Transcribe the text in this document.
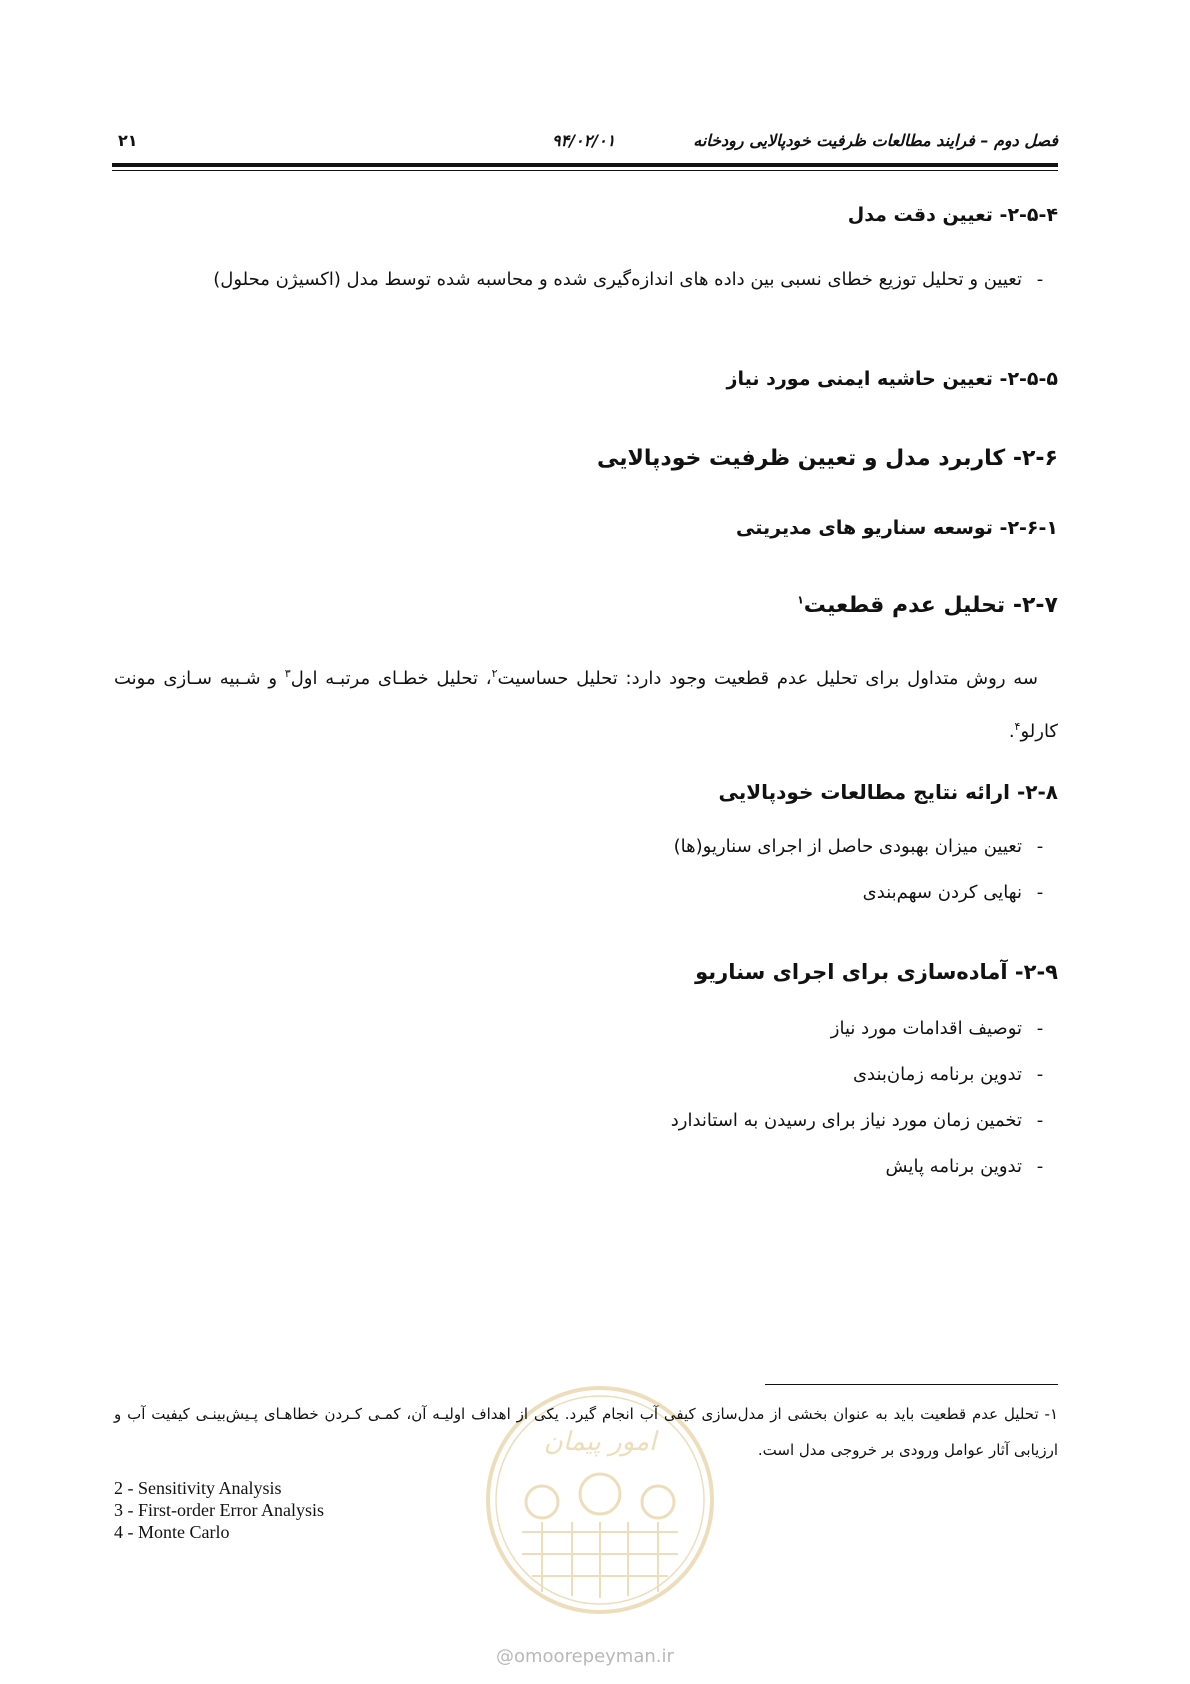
فصل دوم – فرایند مطالعات ظرفیت خودپالایی رودخانه
۹۴/۰۲/۰۱
۲۱
۲-۵-۴- تعیین دقت مدل
-تعیین و تحلیل توزیع خطای نسبی بین داده های اندازه‌گیری شده و محاسبه شده توسط مدل (اکسیژن محلول)
۲-۵-۵- تعیین حاشیه ایمنی مورد نیاز
۲-۶- کاربرد مدل و تعیین ظرفیت خودپالایی
۲-۶-۱- توسعه سناریو های مدیریتی
۲-۷- تحلیل عدم قطعیت$^۱$
سه روش متداول برای تحلیل عدم قطعیت وجود دارد: تحلیل حساسیت$^۲$، تحلیل خطـای مرتبـه اول$^۳$ و شـبیه سـازی مونت کارلو$^۴$.
۲-۸- ارائه نتایج مطالعات خودپالایی
-تعیین میزان بهبودی حاصل از اجرای سناریو(ها)
-نهایی کردن سهم‌بندی
۲-۹- آماده‌سازی برای اجرای سناریو
-توصیف اقدامات مورد نیاز
-تدوین برنامه زمان‌بندی
-تخمین زمان مورد نیاز برای رسیدن به استاندارد
-تدوین برنامه پایش
امور پیمان
۱- تحلیل عدم قطعیت باید به عنوان بخشی از مدل‌سازی کیفی آب انجام گیرد. یکی از اهداف اولیـه آن، کمـی کـردن خطاهـای پـیش‌بینـی کیفیت آب و ارزیابی آثار عوامل ورودی بر خروجی مدل است.
2 - Sensitivity Analysis
3 - First-order Error Analysis
4 - Monte Carlo
@omoorepeyman.ir
